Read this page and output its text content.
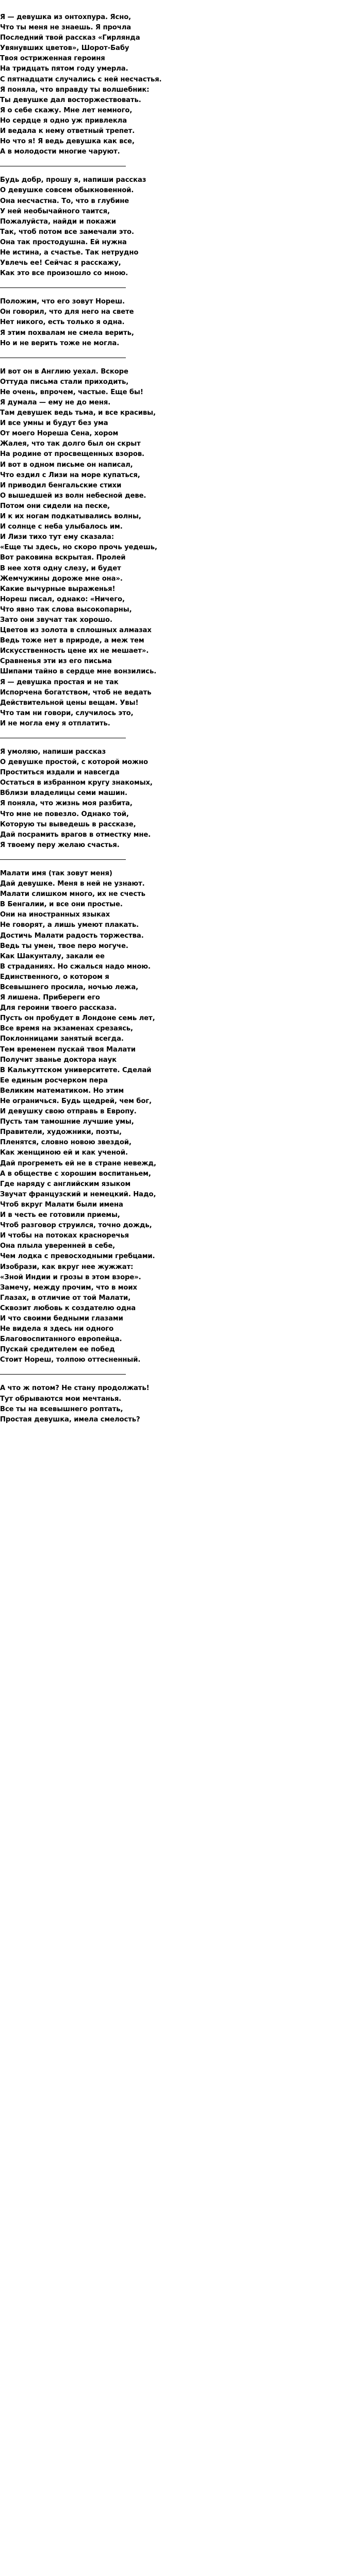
Я — девушка из онтохпура. Ясно,
Что ты меня не знаешь. Я прочла
Последний твой рассказ «Гирлянда
Увянувших цветов», Шорот-Бабу
Твоя остриженная героиня
На тридцать пятом году умерла.
С пятнадцати случались с ней несчастья.
Я поняла, что вправду ты волшебник:
Ты девушке дал восторжествовать.
Я о себе скажу. Мне лет немного,
Но сердце я одно уж привлекла
И ведала к нему ответный трепет.
Но что я! Я ведь девушка как все,
А в молодости многие чаруют.
Будь добр, прошу я, напиши рассказ
О девушке совсем обыкновенной.
Она несчастна. То, что в глубине
У ней необычайного таится,
Пожалуйста, найди и покажи
Так, чтоб потом все замечали это.
Она так простодушна. Ей нужна
Не истина, а счастье. Так нетрудно
Увлечь ее! Сейчас я расскажу,
Как это все произошло со мною.
Положим, что его зовут Нореш.
Он говорил, что для него на свете
Нет никого, есть только я одна.
Я этим похвалам не смела верить,
Но и не верить тоже не могла.
И вот он в Англию уехал. Вскоре
Оттуда письма стали приходить,
Не очень, впрочем, частые. Еще бы!
Я думала — ему не до меня.
Там девушек ведь тьма, и все красивы,
И все умны и будут без ума
От моего Нореша Сена, хором
Жалея, что так долго был он скрыт
На родине от просвещенных взоров.
И вот в одном письме он написал,
Что ездил с Лизи на море купаться,
И приводил бенгальские стихи
О вышедшей из волн небесной деве.
Потом они сидели на песке,
И к их ногам подкатывались волны,
И солнце с неба улыбалось им.
И Лизи тихо тут ему сказала:
«Еще ты здесь, но скоро прочь уедешь,
Вот раковина вскрытая. Пролей
В нее хотя одну слезу, и будет
Жемчужины дороже мне она».
Какие вычурные выраженья!
Нореш писал, однако: «Ничего,
Что явно так слова высокопарны,
Зато они звучат так хорошо.
Цветов из золота в сплошных алмазах
Ведь тоже нет в природе, а меж тем
Искусственность цене их не мешает».
Сравненья эти из его письма
Шипами тайно в сердце мне вонзились.
Я — девушка простая и не так
Испорчена богатством, чтоб не ведать
Действительной цены вещам. Увы!
Что там ни говори, случилось это,
И не могла ему я отплатить.
Я умоляю, напиши рассказ
О девушке простой, с которой можно
Проститься издали и навсегда
Остаться в избранном кругу знакомых,
Вблизи владелицы семи машин.
Я поняла, что жизнь моя разбита,
Что мне не повезло. Однако той,
Которую ты выведешь в рассказе,
Дай посрамить врагов в отместку мне.
Я твоему перу желаю счастья.
Малати имя (так зовут меня)
Дай девушке. Меня в ней не узнают.
Малати слишком много, их не счесть
В Бенгалии, и все они простые.
Они на иностранных языках
Не говорят, а лишь умеют плакать.
Достичь Малати радость торжества.
Ведь ты умен, твое перо могуче.
Как Шакунталу, закали ее
В страданиях. Но сжалься надо мною.
Единственного, о котором я
Всевышнего просила, ночью лежа,
Я лишена. Прибереги его
Для героини твоего рассказа.
Пусть он пробудет в Лондоне семь лет,
Все время на экзаменах срезаясь,
Поклонницами занятый всегда.
Тем временем пускай твоя Малати
Получит званье доктора наук
В Калькуттском университете. Сделай
Ее единым росчерком пера
Великим математиком. Но этим
Не ограничься. Будь щедрей, чем бог,
И девушку свою отправь в Европу.
Пусть там тамошние лучшие умы,
Правители, художники, поэты,
Пленятся, словно новою звездой,
Как женщиною ей и как ученой.
Дай прогреметь ей не в стране невежд,
А в обществе с хорошим воспитаньем,
Где наряду с английским языком
Звучат французский и немецкий. Надо,
Чтоб вкруг Малати были имена
И в честь ее готовили приемы,
Чтоб разговор струился, точно дождь,
И чтобы на потоках красноречья
Она плыла уверенней в себе,
Чем лодка с превосходными гребцами.
Изобрази, как вкруг нее жужжат:
«Зной Индии и грозы в этом взоре».
Замечу, между прочим, что в моих
Глазах, в отличие от той Малати,
Сквозит любовь к создателю одна
И что своими бедными глазами
Не видела я здесь ни одного
Благовоспитанного европейца.
Пускай средителем ее побед
Стоит Нореш, толпою оттесненный.
А что ж потом? Не стану продолжать!
Тут обрываются мои мечтанья.
Все ты на всевышнего роптать,
Простая девушка, имела смелость?
